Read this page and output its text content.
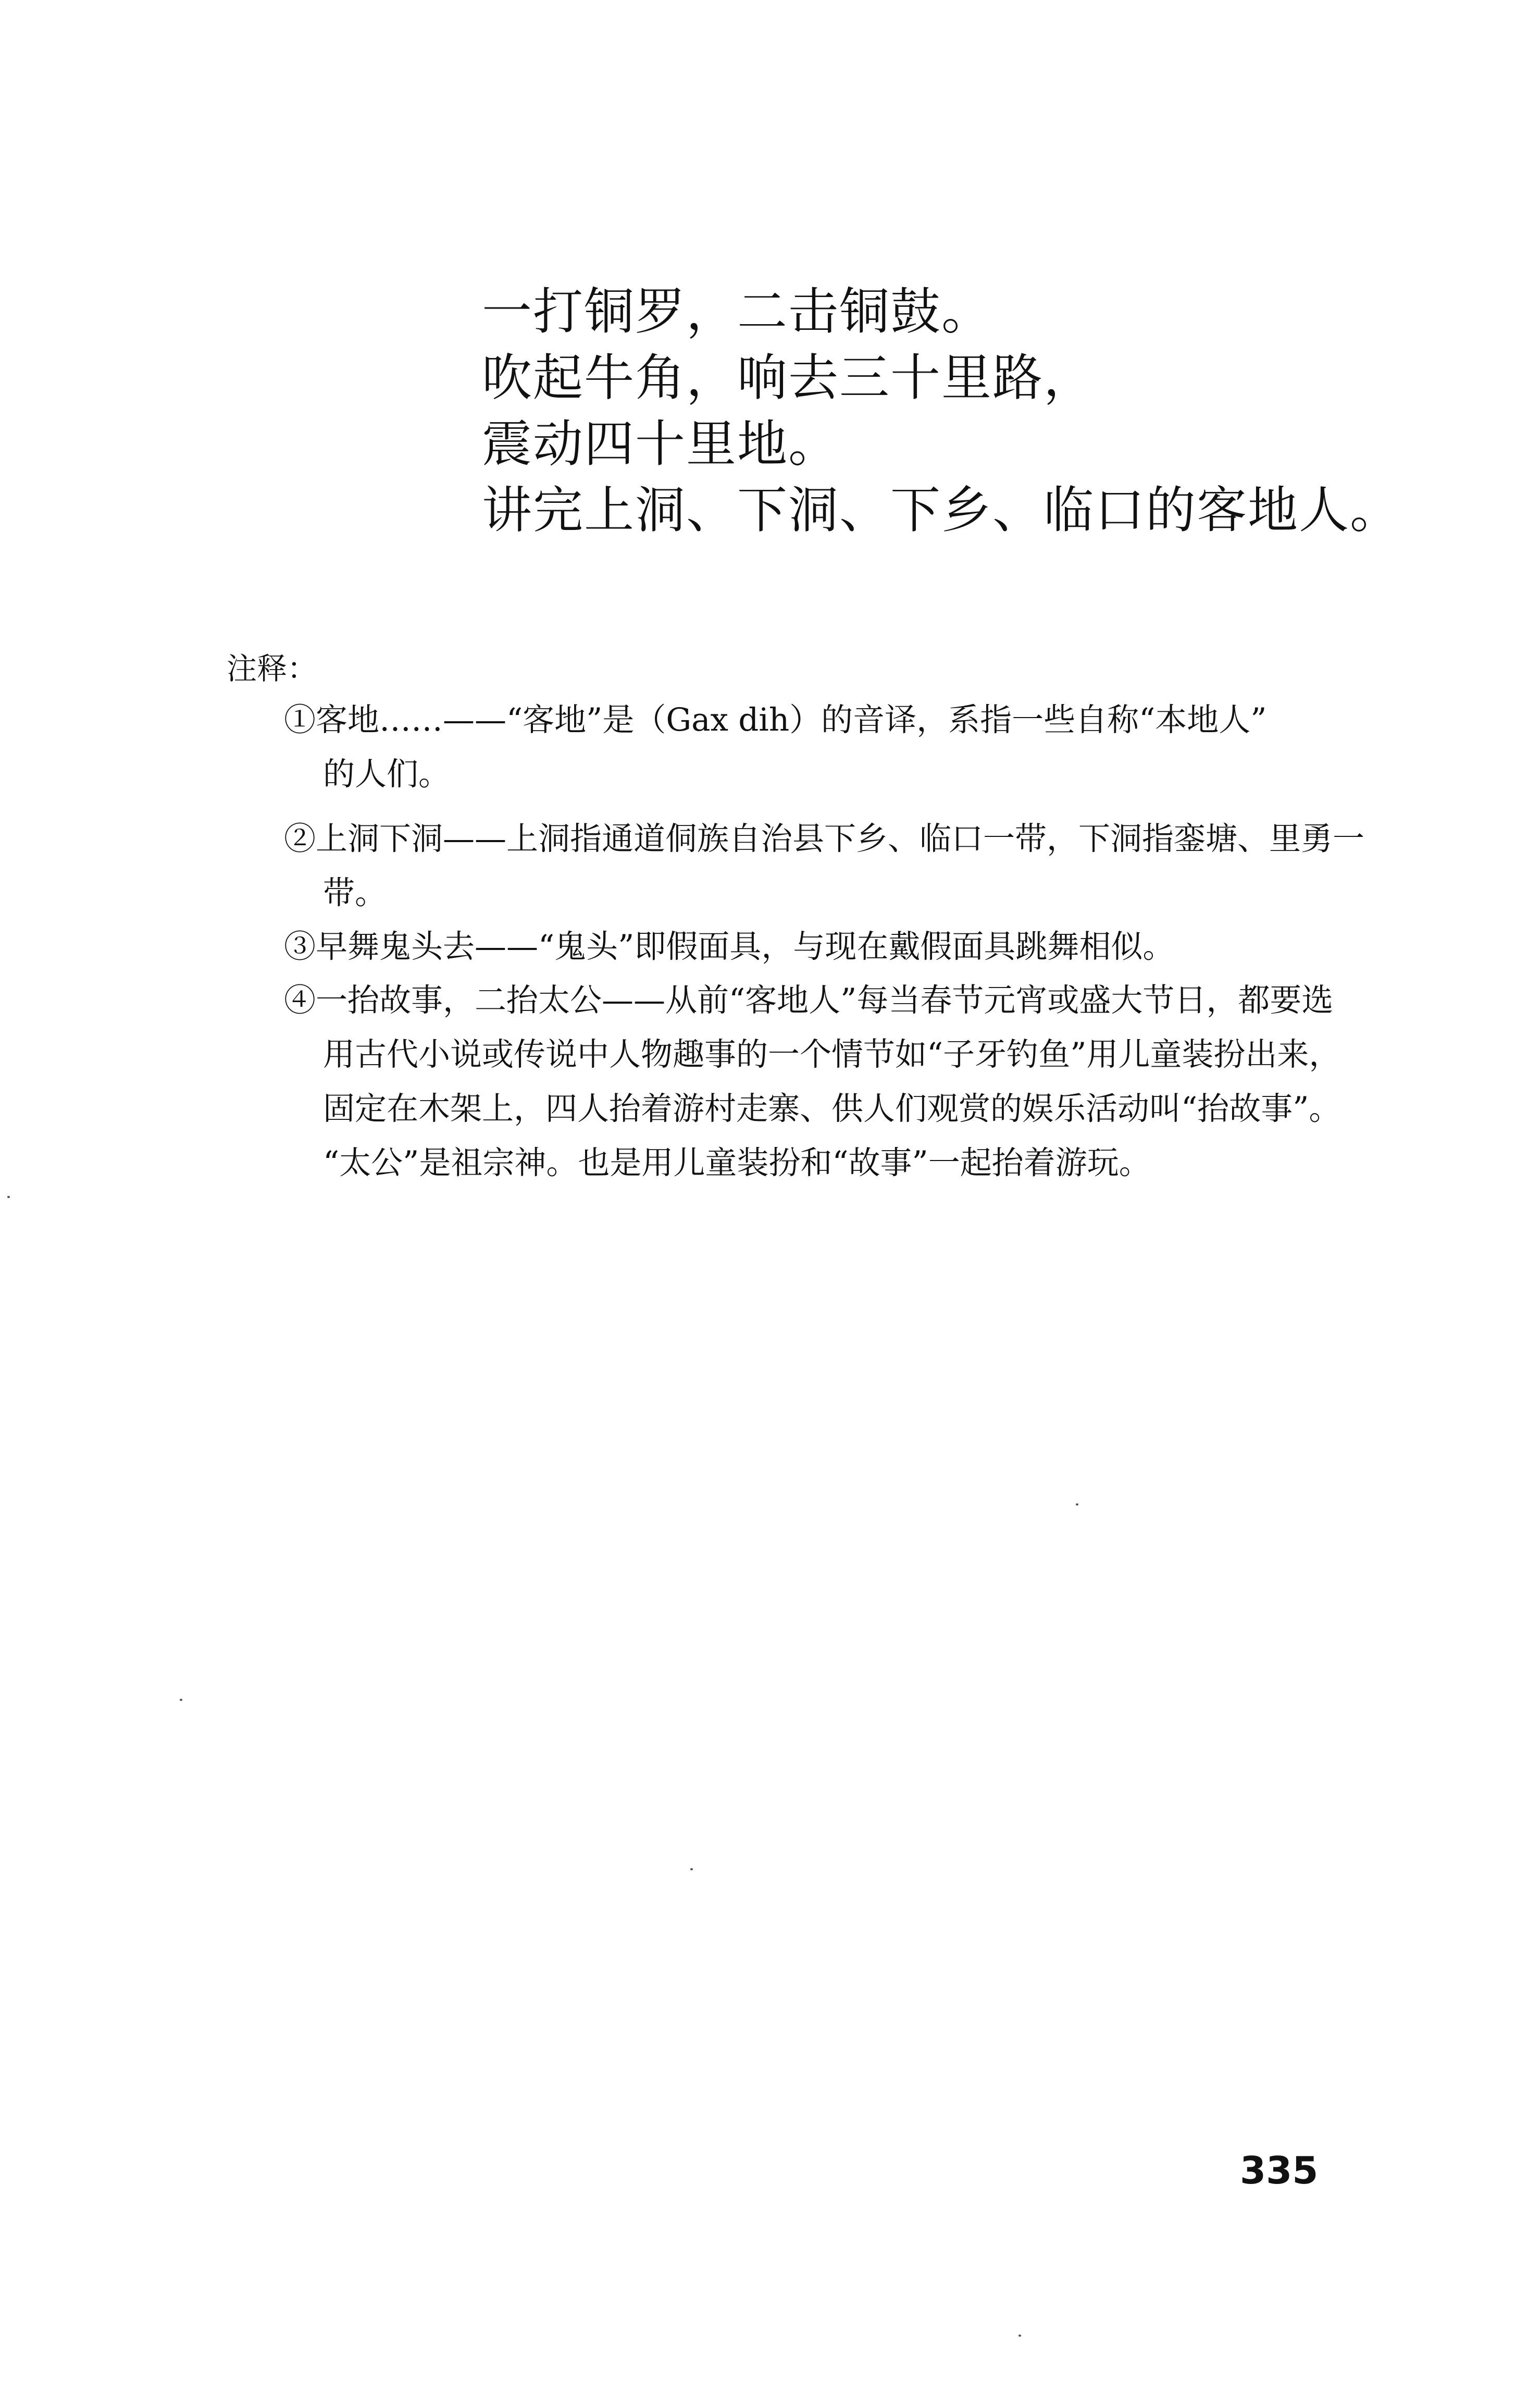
一打铜罗，二击铜鼓。
吹起牛角，响去三十里路，
震动四十里地。
讲完上洞、下洞、下乡、临口的客地人。
注释：
①客地……——“客地”是（Gax dih）的音译，系指一些自称“本地人”
的人们。
②上洞下洞——上洞指通道侗族自治县下乡、临口一带，下洞指銮塘、里勇一
带。
③早舞鬼头去——“鬼头”即假面具，与现在戴假面具跳舞相似。
④一抬故事，二抬太公——从前“客地人”每当春节元宵或盛大节日，都要选
用古代小说或传说中人物趣事的一个情节如“子牙钓鱼”用儿童装扮出来，
固定在木架上，四人抬着游村走寨、供人们观赏的娱乐活动叫“抬故事”。
“太公”是祖宗神。也是用儿童装扮和“故事”一起抬着游玩。
335
